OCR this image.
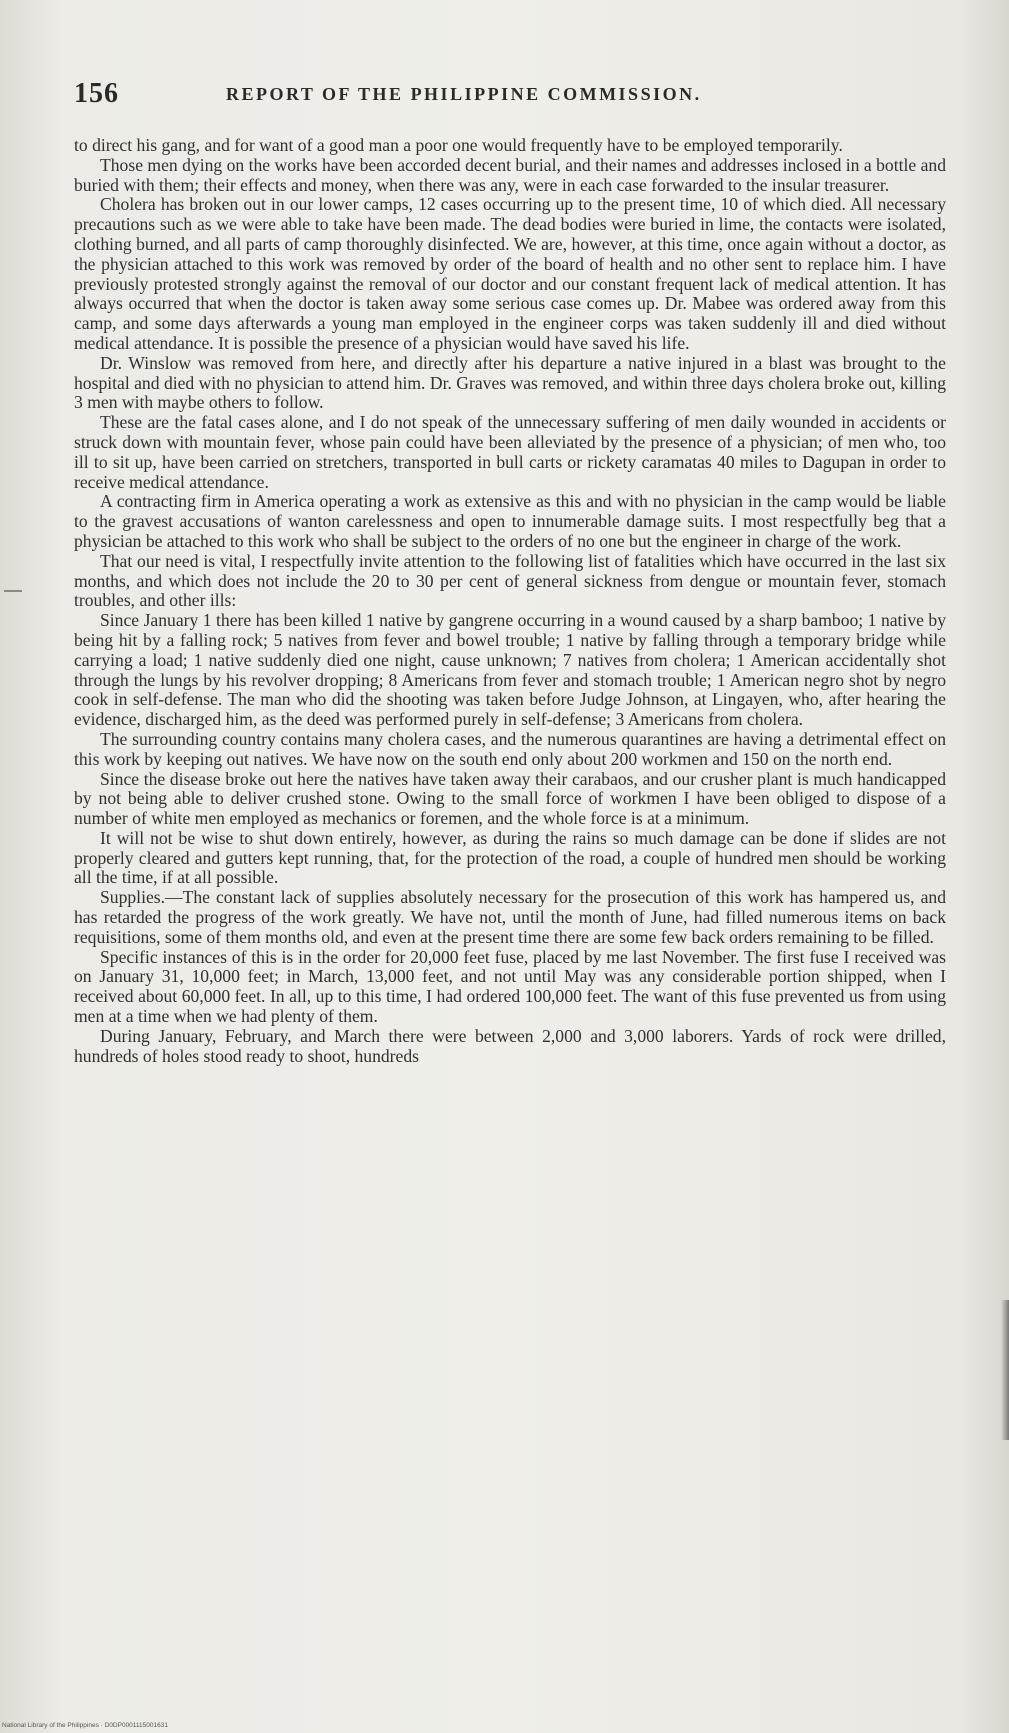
156	REPORT OF THE PHILIPPINE COMMISSION.

to direct his gang, and for want of a good man a poor one would frequently have to be employed temporarily.

Those men dying on the works have been accorded decent burial, and their names and addresses inclosed in a bottle and buried with them; their effects and money, when there was any, were in each case forwarded to the insular treasurer.

Cholera has broken out in our lower camps, 12 cases occurring up to the present time, 10 of which died. All necessary precautions such as we were able to take have been made. The dead bodies were buried in lime, the contacts were isolated, clothing burned, and all parts of camp thoroughly disinfected. We are, however, at this time, once again without a doctor, as the physician attached to this work was removed by order of the board of health and no other sent to replace him. I have previously protested strongly against the removal of our doctor and our constant frequent lack of medical attention. It has always occurred that when the doctor is taken away some serious case comes up. Dr. Mabee was ordered away from this camp, and some days afterwards a young man employed in the engineer corps was taken suddenly ill and died without medical attendance. It is possible the presence of a physician would have saved his life.

Dr. Winslow was removed from here, and directly after his departure a native injured in a blast was brought to the hospital and died with no physician to attend him. Dr. Graves was removed, and within three days cholera broke out, killing 3 men with maybe others to follow.

These are the fatal cases alone, and I do not speak of the unnecessary suffering of men daily wounded in accidents or struck down with mountain fever, whose pain could have been alleviated by the presence of a physician; of men who, too ill to sit up, have been carried on stretchers, transported in bull carts or rickety caramatas 40 miles to Dagupan in order to receive medical attendance.

A contracting firm in America operating a work as extensive as this and with no physician in the camp would be liable to the gravest accusations of wanton carelessness and open to innumerable damage suits. I most respectfully beg that a physician be attached to this work who shall be subject to the orders of no one but the engineer in charge of the work.

That our need is vital, I respectfully invite attention to the following list of fatalities which have occurred in the last six months, and which does not include the 20 to 30 per cent of general sickness from dengue or mountain fever, stomach troubles, and other ills:

Since January 1 there has been killed 1 native by gangrene occurring in a wound caused by a sharp bamboo; 1 native by being hit by a falling rock; 5 natives from fever and bowel trouble; 1 native by falling through a temporary bridge while carrying a load; 1 native suddenly died one night, cause unknown; 7 natives from cholera; 1 American accidentally shot through the lungs by his revolver dropping; 8 Americans from fever and stomach trouble; 1 American negro shot by negro cook in self-defense. The man who did the shooting was taken before Judge Johnson, at Lingayen, who, after hearing the evidence, discharged him, as the deed was performed purely in self-defense; 3 Americans from cholera.

The surrounding country contains many cholera cases, and the numerous quarantines are having a detrimental effect on this work by keeping out natives. We have now on the south end only about 200 workmen and 150 on the north end.

Since the disease broke out here the natives have taken away their carabaos, and our crusher plant is much handicapped by not being able to deliver crushed stone. Owing to the small force of workmen I have been obliged to dispose of a number of white men employed as mechanics or foremen, and the whole force is at a minimum.

It will not be wise to shut down entirely, however, as during the rains so much damage can be done if slides are not properly cleared and gutters kept running, that, for the protection of the road, a couple of hundred men should be working all the time, if at all possible.

Supplies.—The constant lack of supplies absolutely necessary for the prosecution of this work has hampered us, and has retarded the progress of the work greatly. We have not, until the month of June, had filled numerous items on back requisitions, some of them months old, and even at the present time there are some few back orders remaining to be filled.

Specific instances of this is in the order for 20,000 feet fuse, placed by me last November. The first fuse I received was on January 31, 10,000 feet; in March, 13,000 feet, and not until May was any considerable portion shipped, when I received about 60,000 feet. In all, up to this time, I had ordered 100,000 feet. The want of this fuse prevented us from using men at a time when we had plenty of them.

During January, February, and March there were between 2,000 and 3,000 laborers. Yards of rock were drilled, hundreds of holes stood ready to shoot, hundreds

National Library of the Philippines · D0DP0001115001631
